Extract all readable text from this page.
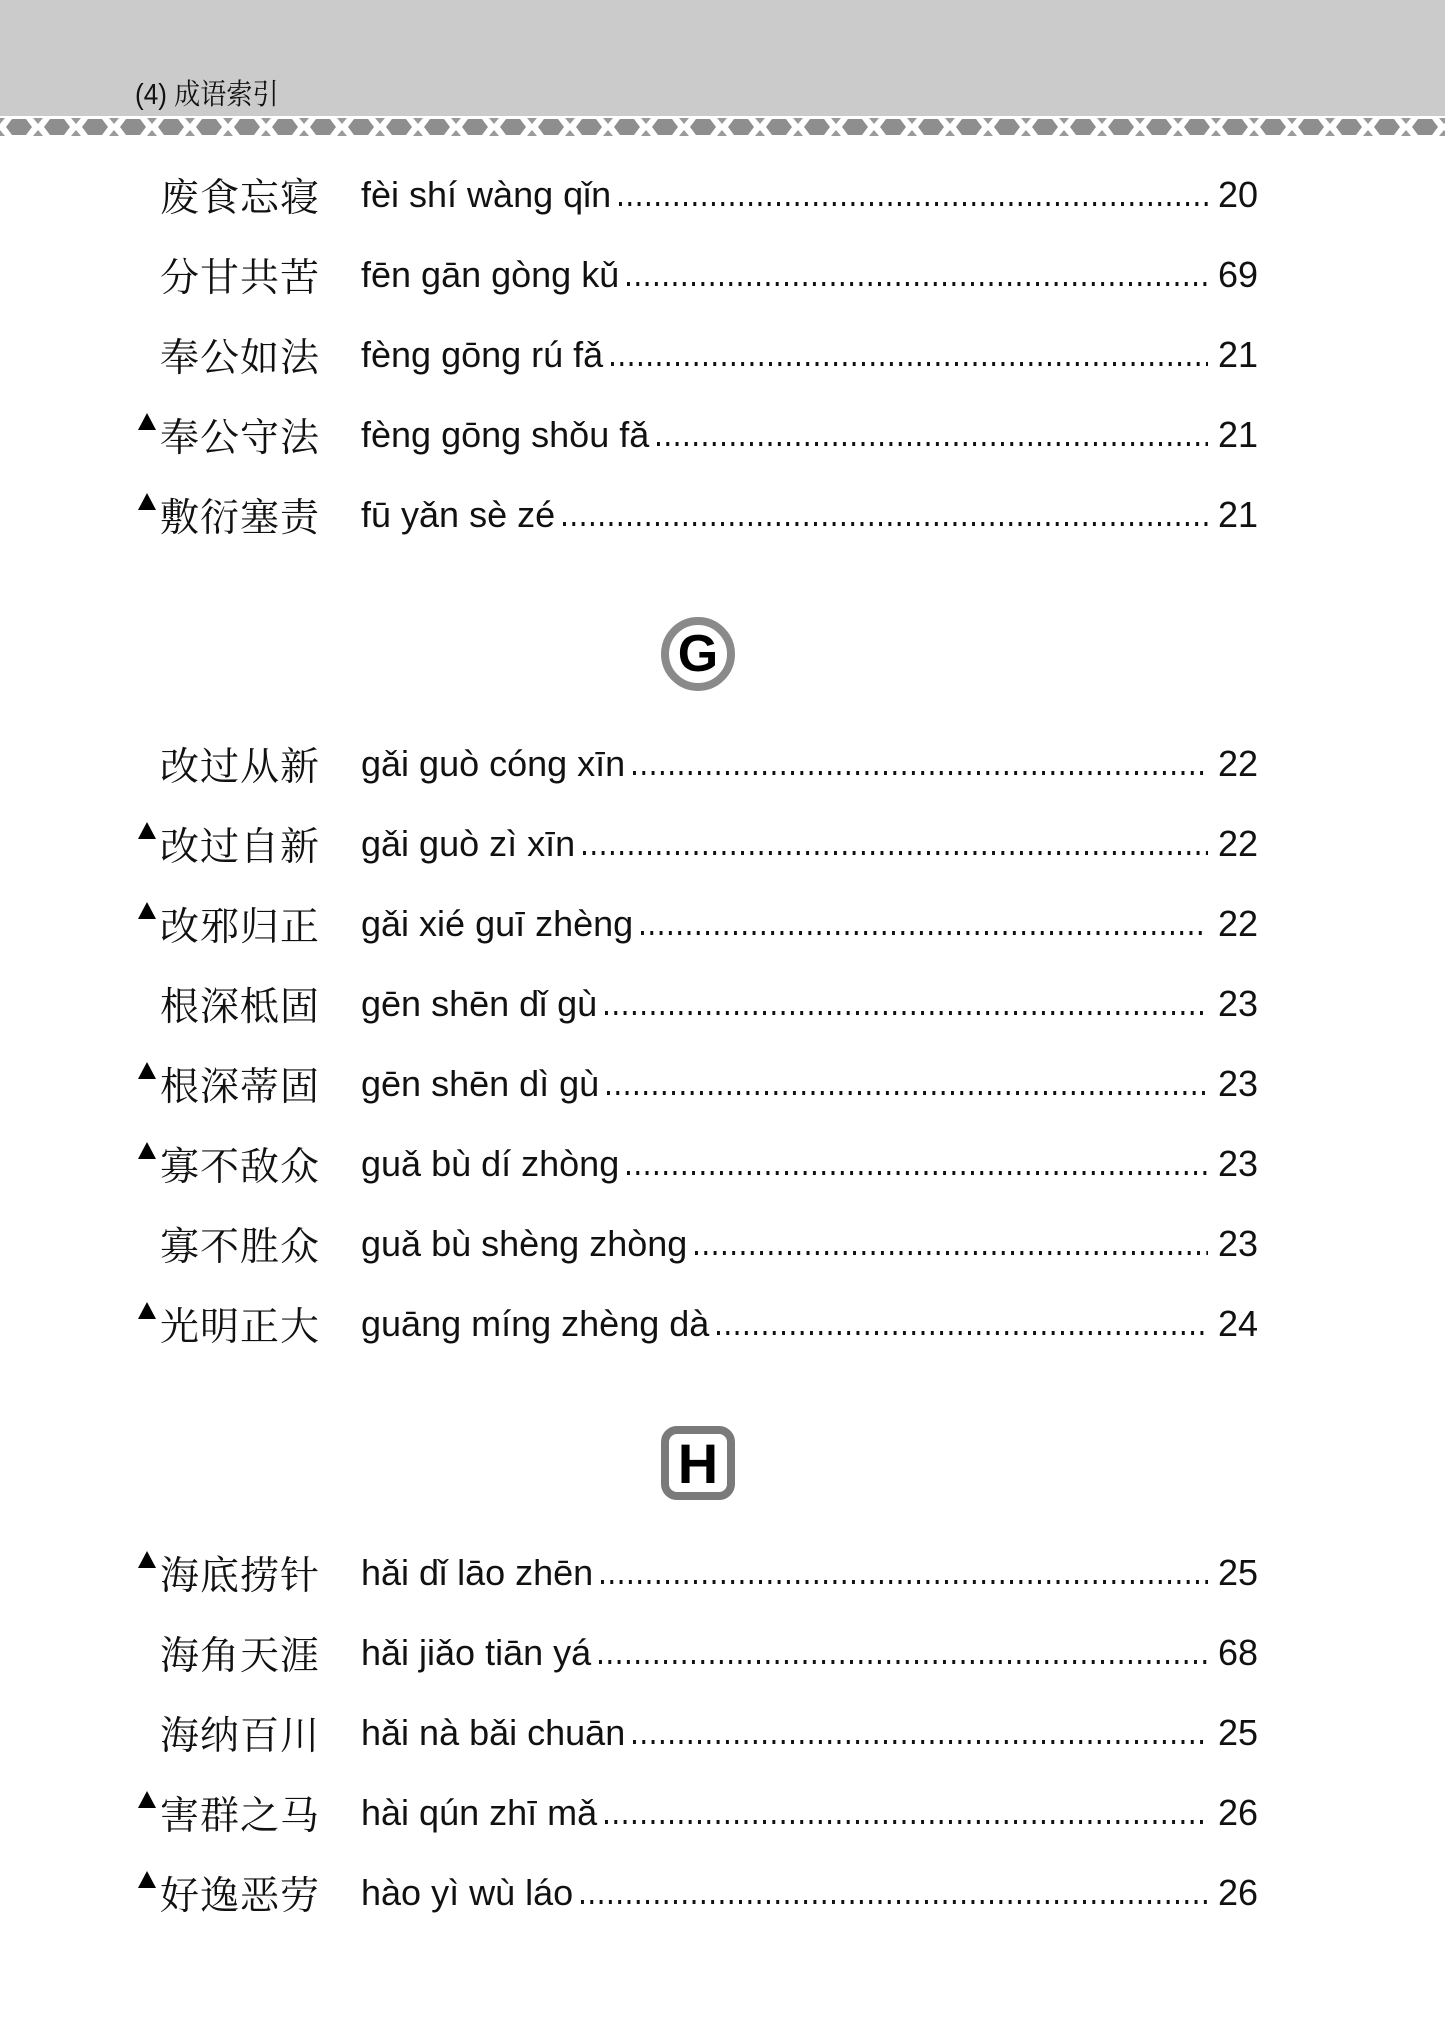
(4) 成语索引
废食忘寝 fèi shí wàng qǐn	20
分甘共苦 fēn gān gòng kǔ	69
奉公如法 fèng gōng rú fǎ	21
奉公守法 fèng gōng shǒu fǎ	21
敷衍塞责 fū yǎn sè zé	21
G
改过从新 gǎi guò cóng xīn	22
改过自新 gǎi guò zì xīn	22
改邪归正 gǎi xié guī zhèng	22
根深柢固 gēn shēn dǐ gù	23
根深蒂固 gēn shēn dì gù	23
寡不敌众 guǎ bù dí zhòng	23
寡不胜众 guǎ bù shèng zhòng	23
光明正大 guāng míng zhèng dà	24
H
海底捞针 hǎi dǐ lāo zhēn	25
海角天涯 hǎi jiǎo tiān yá	68
海纳百川 hǎi nà bǎi chuān	25
害群之马 hài qún zhī mǎ	26
好逸恶劳 hào yì wù láo	26
